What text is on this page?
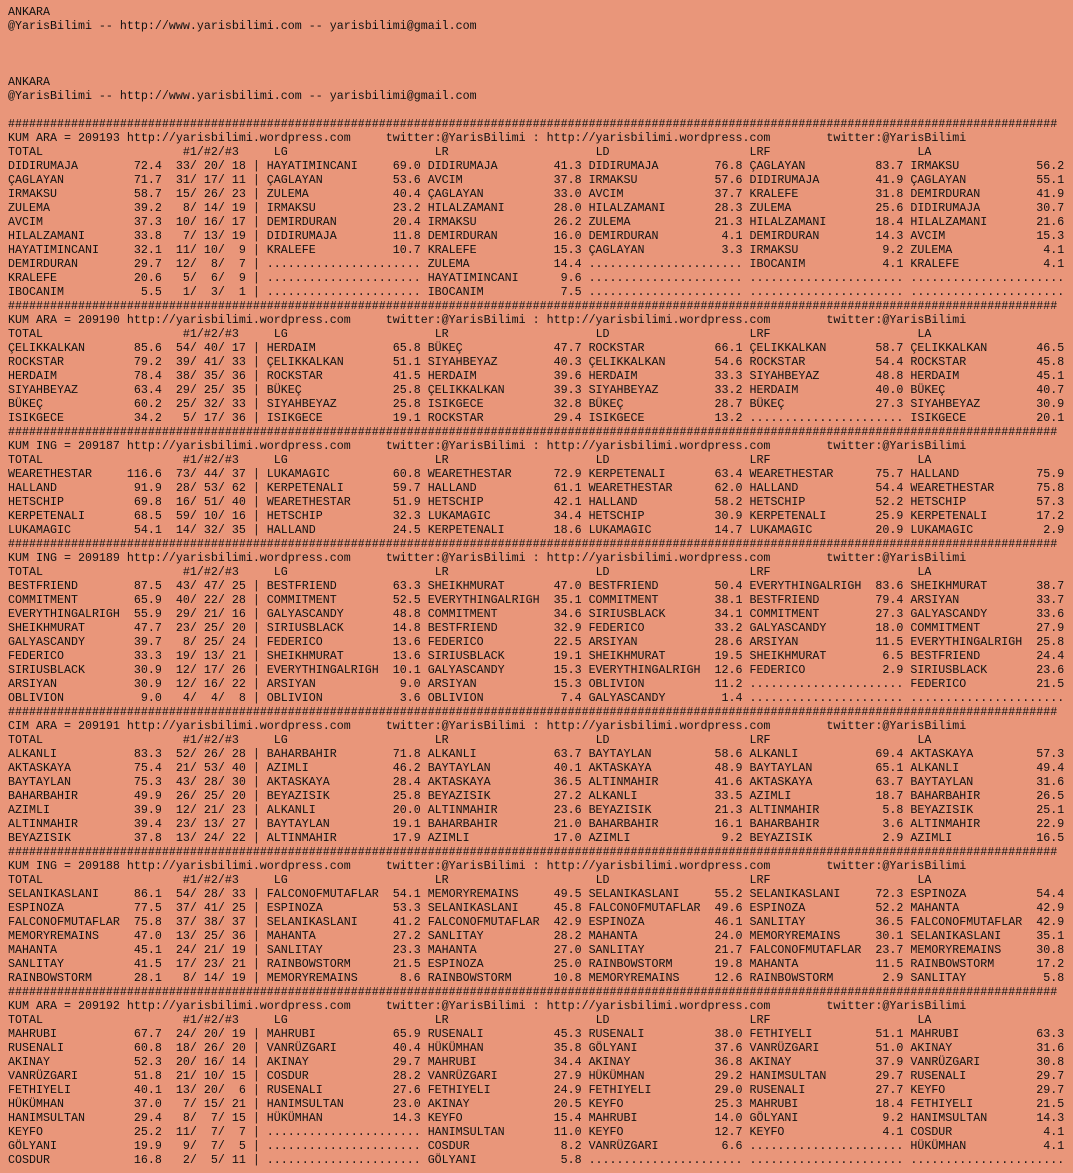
ANKARA
@YarisBilimi -- http://www.yarisbilimi.com -- yarisbilimi@gmail.com
ANKARA
@YarisBilimi -- http://www.yarisbilimi.com -- yarisbilimi@gmail.com
######################################################################################################################################################
KUM ARA = 209193 http://yarisbilimi.wordpress.com	twitter:@YarisBilimi : http://yarisbilimi.wordpress.com	twitter:@YarisBilimi
TOTAL	#1/#2/#3	LG	LR	LD	LRF	LA
DIDIRUMAJA	72.4 33/ 20/ 18 | HAYATIMINCANI	69.0 DIDIRUMAJA	41.3 DIDIRUMAJA	76.8 ÇAGLAYAN	83.7 IRMAKSU	56.2
ÇAGLAYAN	71.7 31/ 17/ 11 | ÇAGLAYAN	53.6 AVCIM	37.8 IRMAKSU	57.6 DIDIRUMAJA	41.9 ÇAGLAYAN	55.1
IRMAKSU	58.7 15/ 26/ 23 | ZULEMA	40.4 ÇAGLAYAN	33.0 AVCIM	37.7 KRALEFE	31.8 DEMIRDURAN	41.9
ZULEMA	39.2 8/ 14/ 19 | IRMAKSU	23.2 HILALZAMANI	28.0 HILALZAMANI	28.3 ZULEMA	25.6 DIDIRUMAJA	30.7
AVCIM	37.3 10/ 16/ 17 | DEMIRDURAN	20.4 IRMAKSU	26.2 ZULEMA	21.3 HILALZAMANI	18.4 HILALZAMANI	21.6
HILALZAMANI	33.8 7/ 13/ 19 | DIDIRUMAJA	11.8 DEMIRDURAN	16.0 DEMIRDURAN	4.1 DEMIRDURAN	14.3 AVCIM	15.3
HAYATIMINCANI	32.1 11/ 10/  9 | KRALEFE	10.7 KRALEFE	15.3 ÇAGLAYAN	3.3 IRMAKSU	9.2 ZULEMA	4.1
DEMIRDURAN	29.7 12/  8/  7 | ...................... ZULEMA	14.4 ...................... IBOCANIM	4.1 KRALEFE	4.1
KRALEFE	20.6 5/  6/  9 | ...................... HAYATIMINCANI	9.6 ...................... ...................... ......................
IBOCANIM	5.5 1/  3/  1 | ...................... IBOCANIM	7.5 ...................... ...................... ......................
######################################################################################################################################################
KUM ARA = 209190 http://yarisbilimi.wordpress.com	twitter:@YarisBilimi : http://yarisbilimi.wordpress.com	twitter:@YarisBilimi
TOTAL	#1/#2/#3	LG	LR	LD	LRF	LA
ÇELIKKALKAN	85.6 54/ 40/ 17 | HERDAIM	65.8 BÜKEÇ	47.7 ROCKSTAR	66.1 ÇELIKKALKAN	58.7 ÇELIKKALKAN	46.5
ROCKSTAR	79.2 39/ 41/ 33 | ÇELIKKALKAN	51.1 SIYAHBEYAZ	40.3 ÇELIKKALKAN	54.6 ROCKSTAR	54.4 ROCKSTAR	45.8
HERDAIM	78.4 38/ 35/ 36 | ROCKSTAR	41.5 HERDAIM	39.6 HERDAIM	33.3 SIYAHBEYAZ	48.8 HERDAIM	45.1
SIYAHBEYAZ	63.4 29/ 25/ 35 | BÜKEÇ	25.8 ÇELIKKALKAN	39.3 SIYAHBEYAZ	33.2 HERDAIM	40.0 BÜKEÇ	40.7
BÜKEÇ	60.2 25/ 32/ 33 | SIYAHBEYAZ	25.8 ISIKGECE	32.8 BÜKEÇ	28.7 BÜKEÇ	27.3 SIYAHBEYAZ	30.9
ISIKGECE	34.2 5/ 17/ 36 | ISIKGECE	19.1 ROCKSTAR	29.4 ISIKGECE	13.2 ...................... ISIKGECE	20.1
######################################################################################################################################################
KUM ING = 209187 http://yarisbilimi.wordpress.com	twitter:@YarisBilimi : http://yarisbilimi.wordpress.com	twitter:@YarisBilimi
TOTAL	#1/#2/#3	LG	LR	LD	LRF	LA
WEARETHESTAR	116.6 73/ 44/ 37 | LUKAMAGIC	60.8 WEARETHESTAR	72.9 KERPETENALI	63.4 WEARETHESTAR	75.7 HALLAND	75.9
HALLAND	91.9 28/ 53/ 62 | KERPETENALI	59.7 HALLAND	61.1 WEARETHESTAR	62.0 HALLAND	54.4 WEARETHESTAR	75.8
HETSCHIP	69.8 16/ 51/ 40 | WEARETHESTAR	51.9 HETSCHIP	42.1 HALLAND	58.2 HETSCHIP	52.2 HETSCHIP	57.3
KERPETENALI	68.5 59/ 10/ 16 | HETSCHIP	32.3 LUKAMAGIC	34.4 HETSCHIP	30.9 KERPETENALI	25.9 KERPETENALI	17.2
LUKAMAGIC	54.1 14/ 32/ 35 | HALLAND	24.5 KERPETENALI	18.6 LUKAMAGIC	14.7 LUKAMAGIC	20.9 LUKAMAGIC	2.9
######################################################################################################################################################
KUM ING = 209189 http://yarisbilimi.wordpress.com	twitter:@YarisBilimi : http://yarisbilimi.wordpress.com	twitter:@YarisBilimi
TOTAL	#1/#2/#3	LG	LR	LD	LRF	LA
BESTFRIEND	87.5 43/ 47/ 25 | BESTFRIEND	63.3 SHEIKHMURAT	47.0 BESTFRIEND	50.4 EVERYTHINGALRIGH	83.6 SHEIKHMURAT	38.7
COMMITMENT	65.9 40/ 22/ 28 | COMMITMENT	52.5 EVERYTHINGALRIGH	35.1 COMMITMENT	38.1 BESTFRIEND	79.4 ARSIYAN	33.7
EVERYTHINGALRIGH	55.9 29/ 21/ 16 | GALYASCANDY	48.8 COMMITMENT	34.6 SIRIUSBLACK	34.1 COMMITMENT	27.3 GALYASCANDY	33.6
SHEIKHMURAT	47.7 23/ 25/ 20 | SIRIUSBLACK	14.8 BESTFRIEND	32.9 FEDERICO	33.2 GALYASCANDY	18.0 COMMITMENT	27.9
GALYASCANDY	39.7 8/ 25/ 24 | FEDERICO	13.6 FEDERICO	22.5 ARSIYAN	28.6 ARSIYAN	11.5 EVERYTHINGALRIGH	25.8
FEDERICO	33.3 19/ 13/ 21 | SHEIKHMURAT	13.6 SIRIUSBLACK	19.1 SHEIKHMURAT	19.5 SHEIKHMURAT	6.5 BESTFRIEND	24.4
SIRIUSBLACK	30.9 12/ 17/ 26 | EVERYTHINGALRIGH	10.1 GALYASCANDY	15.3 EVERYTHINGALRIGH	12.6 FEDERICO	2.9 SIRIUSBLACK	23.6
ARSIYAN	30.9 12/ 16/ 22 | ARSIYAN	9.0 ARSIYAN	15.3 OBLIVION	11.2 ...................... FEDERICO	21.5
OBLIVION	9.0 4/  4/  8 | OBLIVION	3.6 OBLIVION	7.4 GALYASCANDY	1.4 ...................... ......................
######################################################################################################################################################
CIM ARA = 209191 http://yarisbilimi.wordpress.com	twitter:@YarisBilimi : http://yarisbilimi.wordpress.com	twitter:@YarisBilimi
TOTAL	#1/#2/#3	LG	LR	LD	LRF	LA
ALKANLI	83.3 52/ 26/ 28 | BAHARBAHIR	71.8 ALKANLI	63.7 BAYTAYLAN	58.6 ALKANLI	69.4 AKTASKAYA	57.3
AKTASKAYA	75.4 21/ 53/ 40 | AZIMLI	46.2 BAYTAYLAN	40.1 AKTASKAYA	48.9 BAYTAYLAN	65.1 ALKANLI	49.4
BAYTAYLAN	75.3 43/ 28/ 30 | AKTASKAYA	28.4 AKTASKAYA	36.5 ALTINMAHIR	41.6 AKTASKAYA	63.7 BAYTAYLAN	31.6
BAHARBAHIR	49.9 26/ 25/ 20 | BEYAZISIK	25.8 BEYAZISIK	27.2 ALKANLI	33.5 AZIMLI	18.7 BAHARBAHIR	26.5
AZIMLI	39.9 12/ 21/ 23 | ALKANLI	20.0 ALTINMAHIR	23.6 BEYAZISIK	21.3 ALTINMAHIR	5.8 BEYAZISIK	25.1
ALTINMAHIR	39.4 23/ 13/ 27 | BAYTAYLAN	19.1 BAHARBAHIR	21.0 BAHARBAHIR	16.1 BAHARBAHIR	3.6 ALTINMAHIR	22.9
BEYAZISIK	37.8 13/ 24/ 22 | ALTINMAHIR	17.9 AZIMLI	17.0 AZIMLI	9.2 BEYAZISIK	2.9 AZIMLI	16.5
######################################################################################################################################################
KUM ING = 209188 http://yarisbilimi.wordpress.com	twitter:@YarisBilimi : http://yarisbilimi.wordpress.com	twitter:@YarisBilimi
TOTAL	#1/#2/#3	LG	LR	LD	LRF	LA
SELANIKASLANI	86.1 54/ 28/ 33 | FALCONOFMUTAFLAR	54.1 MEMORYREMAINS	49.5 SELANIKASLANI	55.2 SELANIKASLANI	72.3 ESPINOZA	54.4
ESPINOZA	77.5 37/ 41/ 25 | ESPINOZA	53.3 SELANIKASLANI	45.8 FALCONOFMUTAFLAR	49.6 ESPINOZA	52.2 MAHANTA	42.9
FALCONOFMUTAFLAR	75.8 37/ 38/ 37 | SELANIKASLANI	41.2 FALCONOFMUTAFLAR	42.9 ESPINOZA	46.1 SANLITAY	36.5 FALCONOFMUTAFLAR	42.9
MEMORYREMAINS	47.0 13/ 25/ 36 | MAHANTA	27.2 SANLITAY	28.2 MAHANTA	24.0 MEMORYREMAINS	30.1 SELANIKASLANI	35.1
MAHANTA	45.1 24/ 21/ 19 | SANLITAY	23.3 MAHANTA	27.0 SANLITAY	21.7 FALCONOFMUTAFLAR	23.7 MEMORYREMAINS	30.8
SANLITAY	41.5 17/ 23/ 21 | RAINBOWSTORM	21.5 ESPINOZA	25.0 RAINBOWSTORM	19.8 MAHANTA	11.5 RAINBOWSTORM	17.2
RAINBOWSTORM	28.1 8/ 14/ 19 | MEMORYREMAINS	8.6 RAINBOWSTORM	10.8 MEMORYREMAINS	12.6 RAINBOWSTORM	2.9 SANLITAY	5.8
######################################################################################################################################################
KUM ARA = 209192 http://yarisbilimi.wordpress.com	twitter:@YarisBilimi : http://yarisbilimi.wordpress.com	twitter:@YarisBilimi
TOTAL	#1/#2/#3	LG	LR	LD	LRF	LA
MAHRUBI	67.7 24/ 20/ 19 | MAHRUBI	65.9 RUSENALI	45.3 RUSENALI	38.0 FETHIYELI	51.1 MAHRUBI	63.3
RUSENALI	60.8 18/ 26/ 20 | VANRÜZGARI	40.4 HÜKÜMHAN	35.8 GÖLYANI	37.6 VANRÜZGARI	51.0 AKINAY	31.6
AKINAY	52.3 20/ 16/ 14 | AKINAY	29.7 MAHRUBI	34.4 AKINAY	36.8 AKINAY	37.9 VANRÜZGARI	30.8
VANRÜZGARI	51.8 21/ 10/ 15 | COSDUR	28.2 VANRÜZGARI	27.9 HÜKÜMHAN	29.2 HANIMSULTAN	29.7 RUSENALI	29.7
FETHIYELI	40.1 13/ 20/  6 | RUSENALI	27.6 FETHIYELI	24.9 FETHIYELI	29.0 RUSENALI	27.7 KEYFO	29.7
HÜKÜMHAN	37.0 7/ 15/ 21 | HANIMSULTAN	23.0 AKINAY	20.5 KEYFO	25.3 MAHRUBI	18.4 FETHIYELI	21.5
HANIMSULTAN	29.4 8/  7/ 15 | HÜKÜMHAN	14.3 KEYFO	15.4 MAHRUBI	14.0 GÖLYANI	9.2 HANIMSULTAN	14.3
KEYFO	25.2 11/  7/  7 | ...................... HANIMSULTAN	11.0 KEYFO	12.7 KEYFO	4.1 COSDUR	4.1
GÖLYANI	19.9 9/  7/  5 | ...................... COSDUR	8.2 VANRÜZGARI	6.6 ...................... HÜKÜMHAN	4.1
COSDUR	16.8 2/  5/ 11 | ...................... GÖLYANI	5.8 ...................... ...................... ......................
